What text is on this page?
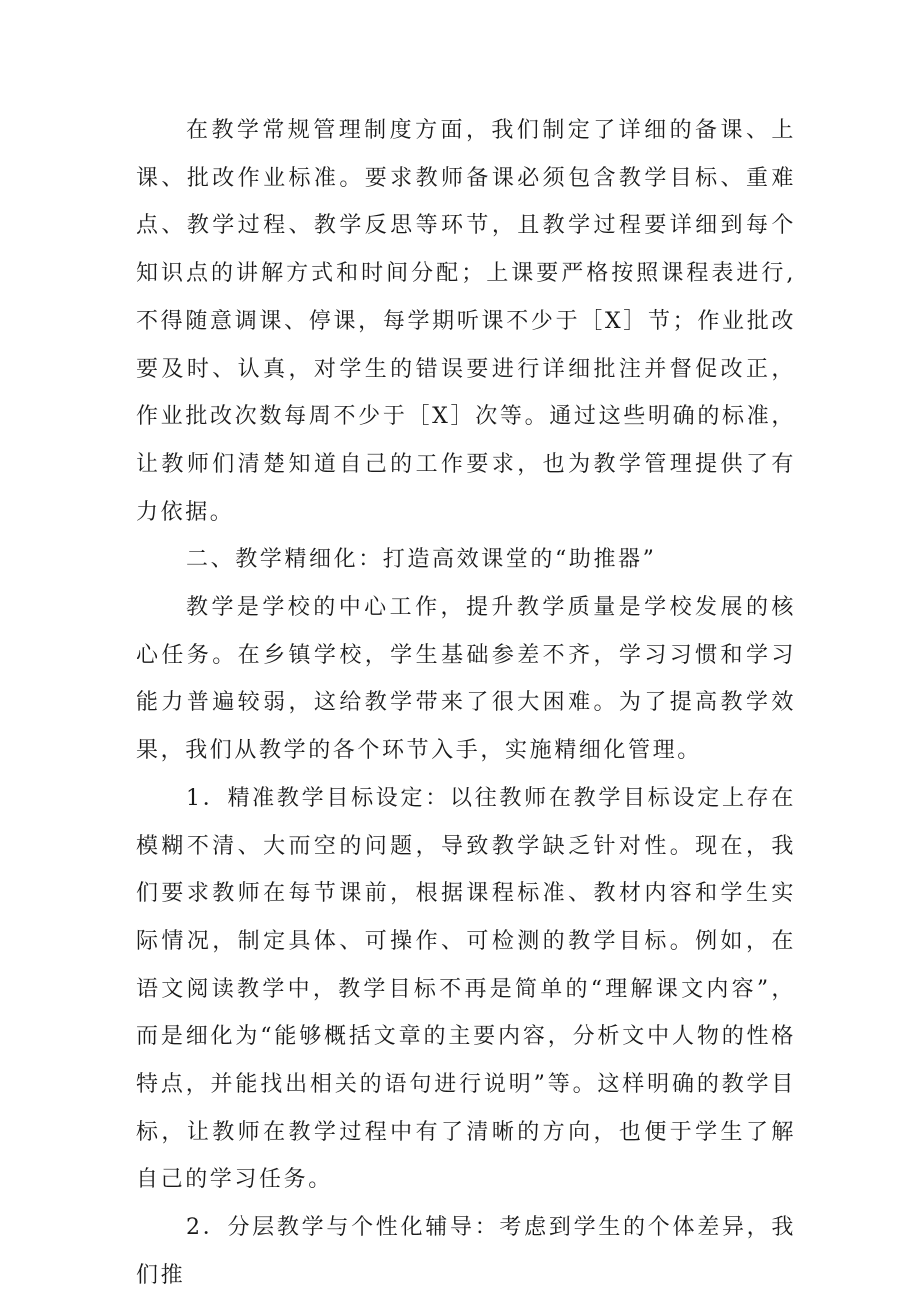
在教学常规管理制度方面，我们制定了详细的备课、上课、批改作业标准。要求教师备课必须包含教学目标、重难点、教学过程、教学反思等环节，且教学过程要详细到每个知识点的讲解方式和时间分配；上课要严格按照课程表进行,不得随意调课、停课，每学期听课不少于［X］节；作业批改要及时、认真，对学生的错误要进行详细批注并督促改正，作业批改次数每周不少于［X］次等。通过这些明确的标准，让教师们清楚知道自己的工作要求，也为教学管理提供了有力依据。

二、教学精细化：打造高效课堂的“助推器”

教学是学校的中心工作，提升教学质量是学校发展的核心任务。在乡镇学校，学生基础参差不齐，学习习惯和学习能力普遍较弱，这给教学带来了很大困难。为了提高教学效果，我们从教学的各个环节入手，实施精细化管理。

1．精准教学目标设定：以往教师在教学目标设定上存在模糊不清、大而空的问题，导致教学缺乏针对性。现在，我们要求教师在每节课前，根据课程标准、教材内容和学生实际情况，制定具体、可操作、可检测的教学目标。例如，在语文阅读教学中，教学目标不再是简单的“理解课文内容”，而是细化为“能够概括文章的主要内容，分析文中人物的性格特点，并能找出相关的语句进行说明”等。这样明确的教学目标，让教师在教学过程中有了清晰的方向，也便于学生了解自己的学习任务。

2．分层教学与个性化辅导：考虑到学生的个体差异，我们推
